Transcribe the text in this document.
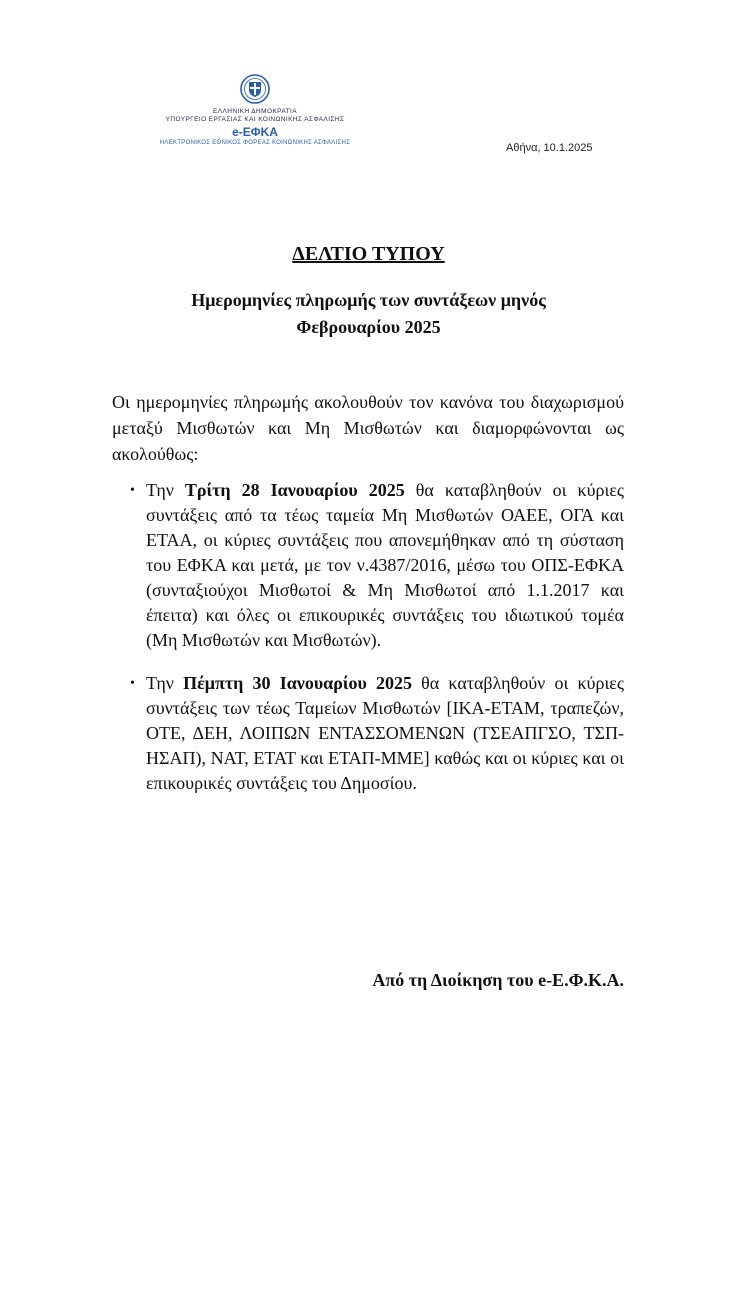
ΕΛΛΗΝΙΚΗ ΔΗΜΟΚΡΑΤΙΑ
ΥΠΟΥΡΓΕΙΟ ΕΡΓΑΣΙΑΣ ΚΑΙ ΚΟΙΝΩΝΙΚΗΣ ΑΣΦΑΛΙΣΗΣ
e-ΕΦΚΑ
ΗΛΕΚΤΡΟΝΙΚΟΣ ΕΘΝΙΚΟΣ ΦΟΡΕΑΣ ΚΟΙΝΩΝΙΚΗΣ ΑΣΦΑΛΙΣΗΣ	Αθήνα, 10.1.2025
ΔΕΛΤΙΟ ΤΥΠΟΥ
Ημερομηνίες πληρωμής των συντάξεων μηνός
Φεβρουαρίου 2025
Οι ημερομηνίες πληρωμής ακολουθούν τον κανόνα του διαχωρισμού μεταξύ Μισθωτών και Μη Μισθωτών και διαμορφώνονται ως ακολούθως:
• Την Τρίτη 28 Ιανουαρίου 2025 θα καταβληθούν οι κύριες συντάξεις από τα τέως ταμεία Μη Μισθωτών ΟΑΕΕ, ΟΓΑ και ΕΤΑΑ, οι κύριες συντάξεις που απονεμήθηκαν από τη σύσταση του ΕΦΚΑ και μετά, με τον ν.4387/2016, μέσω του ΟΠΣ-ΕΦΚΑ (συνταξιούχοι Μισθωτοί & Μη Μισθωτοί από 1.1.2017 και έπειτα) και όλες οι επικουρικές συντάξεις του ιδιωτικού τομέα (Μη Μισθωτών και Μισθωτών).
• Την Πέμπτη 30 Ιανουαρίου 2025 θα καταβληθούν οι κύριες συντάξεις των τέως Ταμείων Μισθωτών [ΙΚΑ-ΕΤΑΜ, τραπεζών, ΟΤΕ, ΔΕΗ, ΛΟΙΠΩΝ ΕΝΤΑΣΣΟΜΕΝΩΝ (ΤΣΕΑΠΓΣΟ, ΤΣΠ-ΗΣΑΠ), ΝΑΤ, ΕΤΑΤ και ΕΤΑΠ-ΜΜΕ] καθώς και οι κύριες και οι επικουρικές συντάξεις του Δημοσίου.
Από τη Διοίκηση του e-Ε.Φ.Κ.Α.
